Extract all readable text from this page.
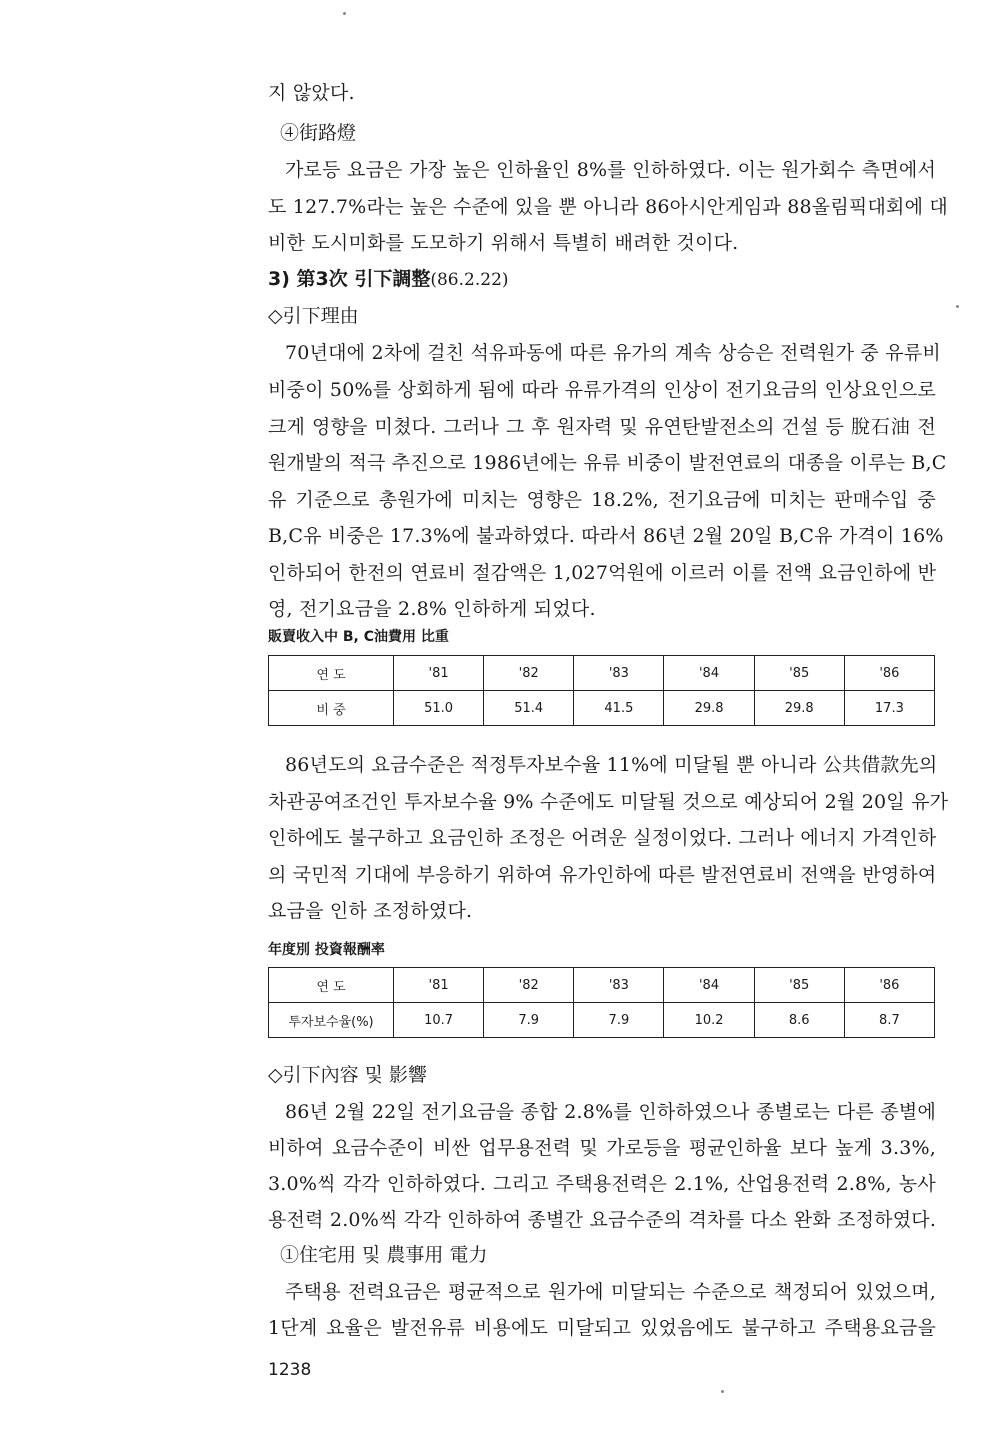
지 않았다.
④街路燈
가로등 요금은 가장 높은 인하율인 8%를 인하하였다. 이는 원가회수 측면에서
도 127.7%라는 높은 수준에 있을 뿐 아니라 86아시안게임과 88올림픽대회에 대
비한 도시미화를 도모하기 위해서 특별히 배려한 것이다.
3) 第3次 引下調整(86.2.22)
◇引下理由
70년대에 2차에 걸친 석유파동에 따른 유가의 계속 상승은 전력원가 중 유류비
비중이 50%를 상회하게 됨에 따라 유류가격의 인상이 전기요금의 인상요인으로
크게 영향을 미쳤다. 그러나 그 후 원자력 및 유연탄발전소의 건설 등 脫石油 전
원개발의 적극 추진으로 1986년에는 유류 비중이 발전연료의 대종을 이루는 B,C
유 기준으로 총원가에 미치는 영향은 18.2%, 전기요금에 미치는 판매수입 중
B,C유 비중은 17.3%에 불과하였다. 따라서 86년 2월 20일 B,C유 가격이 16%
인하되어 한전의 연료비 절감액은 1,027억원에 이르러 이를 전액 요금인하에 반
영, 전기요금을 2.8% 인하하게 되었다.
販賣收入中 B, C油費用 比重
연 도	'81	'82	'83	'84	'85	'86
비 중	51.0	51.4	41.5	29.8	29.8	17.3
86년도의 요금수준은 적정투자보수율 11%에 미달될 뿐 아니라 公共借款先의
차관공여조건인 투자보수율 9% 수준에도 미달될 것으로 예상되어 2월 20일 유가
인하에도 불구하고 요금인하 조정은 어려운 실정이었다. 그러나 에너지 가격인하
의 국민적 기대에 부응하기 위하여 유가인하에 따른 발전연료비 전액을 반영하여
요금을 인하 조정하였다.
年度別 投資報酬率
연 도	'81	'82	'83	'84	'85	'86
투자보수율(%)	10.7	7.9	7.9	10.2	8.6	8.7
◇引下內容 및 影響
86년 2월 22일 전기요금을 종합 2.8%를 인하하였으나 종별로는 다른 종별에
비하여 요금수준이 비싼 업무용전력 및 가로등을 평균인하율 보다 높게 3.3%,
3.0%씩 각각 인하하였다. 그리고 주택용전력은 2.1%, 산업용전력 2.8%, 농사
용전력 2.0%씩 각각 인하하여 종별간 요금수준의 격차를 다소 완화 조정하였다.
①住宅用 및 農事用 電力
주택용 전력요금은 평균적으로 원가에 미달되는 수준으로 책정되어 있었으며,
1단계 요율은 발전유류 비용에도 미달되고 있었음에도 불구하고 주택용요금을
1238
